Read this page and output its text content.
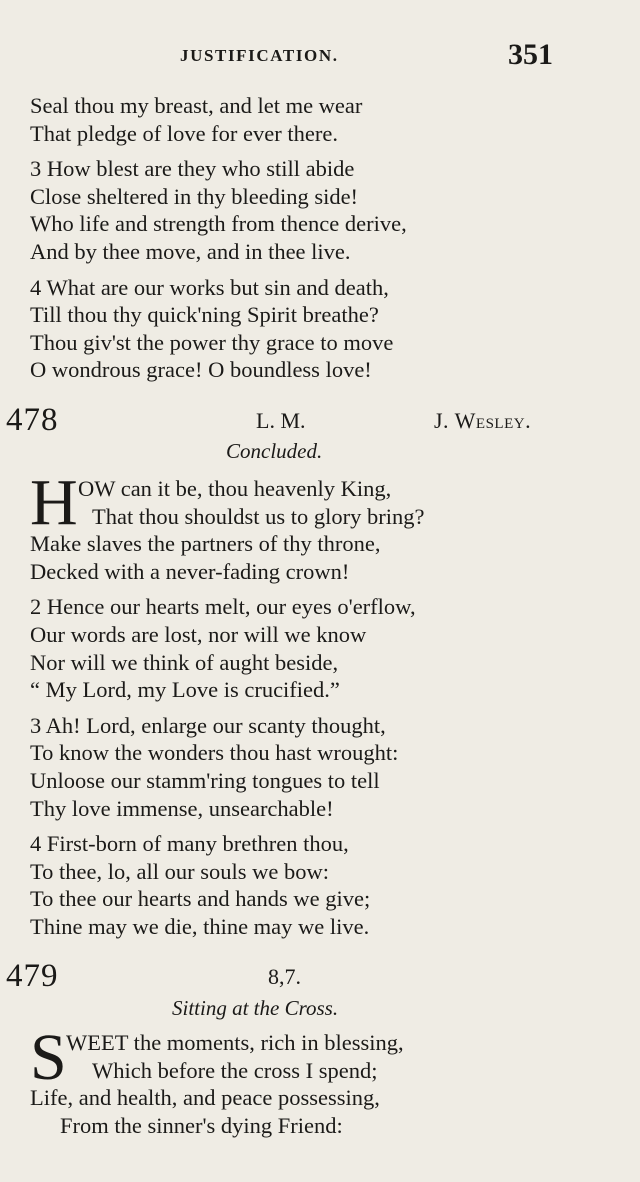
JUSTIFICATION.	351
Seal thou my breast, and let me wear
That pledge of love for ever there.
3 How blest are they who still abide
Close sheltered in thy bleeding side!
Who life and strength from thence derive,
And by thee move, and in thee live.
4 What are our works but sin and death,
Till thou thy quick'ning Spirit breathe?
Thou giv'st the power thy grace to move
O wondrous grace! O boundless love!
478	L. M.	J. Wesley.
Concluded.
H OW can it be, thou heavenly King,
That thou shouldst us to glory bring?
Make slaves the partners of thy throne,
Decked with a never-fading crown!
2 Hence our hearts melt, our eyes o'erflow,
Our words are lost, nor will we know
Nor will we think of aught beside,
“ My Lord, my Love is crucified.”
3 Ah! Lord, enlarge our scanty thought,
To know the wonders thou hast wrought:
Unloose our stamm'ring tongues to tell
Thy love immense, unsearchable!
4 First-born of many brethren thou,
To thee, lo, all our souls we bow:
To thee our hearts and hands we give;
Thine may we die, thine may we live.
479	8,7.
Sitting at the Cross.
S WEET the moments, rich in blessing,
Which before the cross I spend;
Life, and health, and peace possessing,
From the sinner's dying Friend:
